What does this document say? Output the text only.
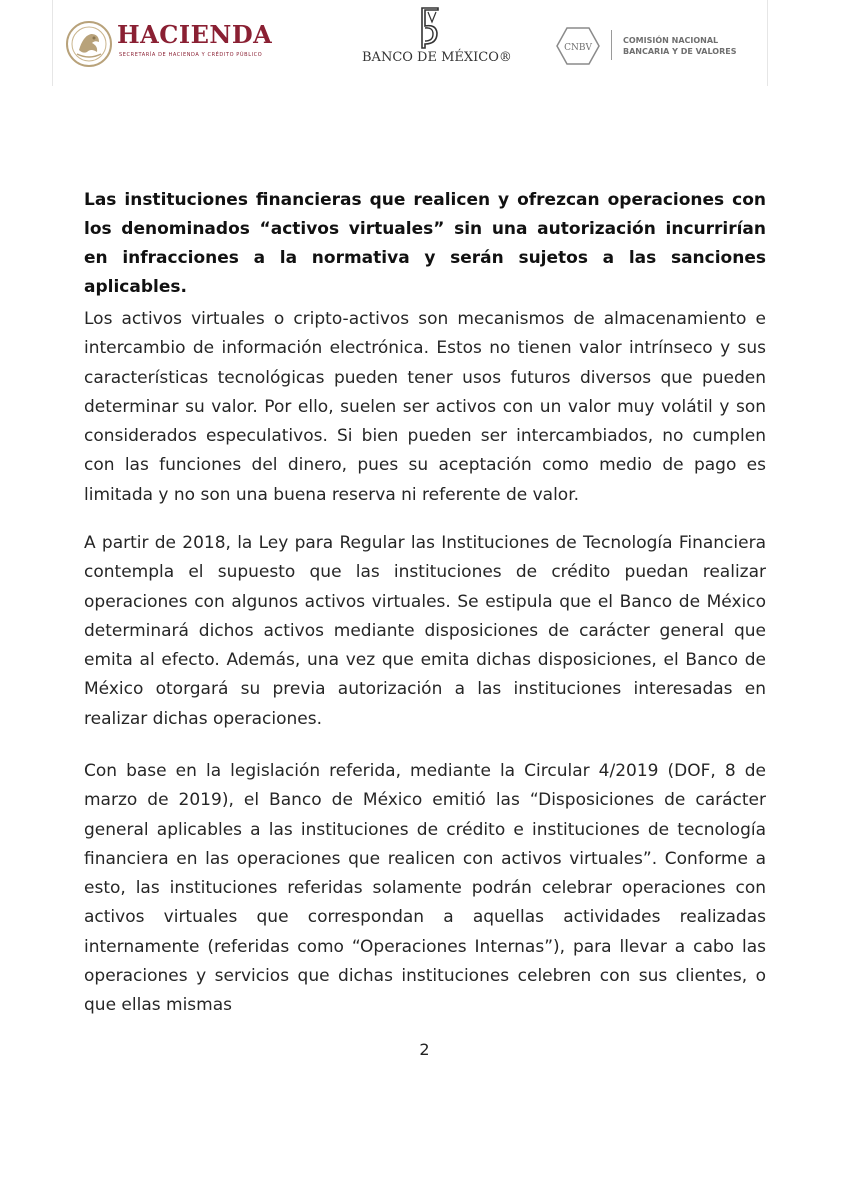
HACIENDA
SECRETARÍA DE HACIENDA Y CRÉDITO PÚBLICO	BANCO DE MÉXICO®
CNBV
COMISIÓN NACIONAL
BANCARIA Y DE VALORES

Las instituciones financieras que realicen y ofrezcan operaciones con los denominados “activos virtuales” sin una autorización incurrirían en infracciones a la normativa y serán sujetos a las sanciones aplicables.

Los activos virtuales o cripto-activos son mecanismos de almacenamiento e intercambio de información electrónica. Estos no tienen valor intrínseco y sus características tecnológicas pueden tener usos futuros diversos que pueden determinar su valor. Por ello, suelen ser activos con un valor muy volátil y son considerados especulativos. Si bien pueden ser intercambiados, no cumplen con las funciones del dinero, pues su aceptación como medio de pago es limitada y no son una buena reserva ni referente de valor.

A partir de 2018, la Ley para Regular las Instituciones de Tecnología Financiera contempla el supuesto que las instituciones de crédito puedan realizar operaciones con algunos activos virtuales. Se estipula que el Banco de México determinará dichos activos mediante disposiciones de carácter general que emita al efecto. Además, una vez que emita dichas disposiciones, el Banco de México otorgará su previa autorización a las instituciones interesadas en realizar dichas operaciones.

Con base en la legislación referida, mediante la Circular 4/2019 (DOF, 8 de marzo de 2019), el Banco de México emitió las “Disposiciones de carácter general aplicables a las instituciones de crédito e instituciones de tecnología financiera en las operaciones que realicen con activos virtuales”. Conforme a esto, las instituciones referidas solamente podrán celebrar operaciones con activos virtuales que correspondan a aquellas actividades realizadas internamente (referidas como “Operaciones Internas”), para llevar a cabo las operaciones y servicios que dichas instituciones celebren con sus clientes, o que ellas mismas

2
